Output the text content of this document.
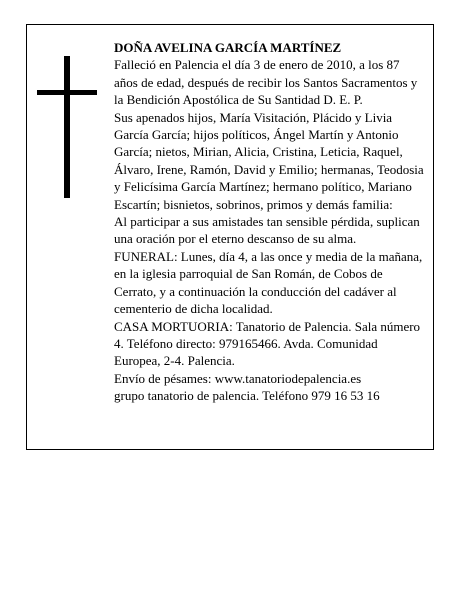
DOÑA AVELINA GARCÍA MARTÍNEZ

Falleció en Palencia el día 3 de enero de 2010, a los 87 años de edad, después de recibir los Santos Sacramentos y la Bendición Apostólica de Su Santidad D. E. P.

Sus apenados hijos, María Visitación, Plácido y Livia García García; hijos políticos, Ángel Martín y Antonio García; nietos, Mirian, Alicia, Cristina, Leticia, Raquel, Álvaro, Irene, Ramón, David y Emilio; hermanas, Teodosia y Felicísima García Martínez; hermano político, Mariano Escartín; bisnietos, sobrinos, primos y demás familia:

Al participar a sus amistades tan sensible pérdida, suplican una oración por el eterno descanso de su alma.

FUNERAL: Lunes, día 4, a las once y media de la mañana, en la iglesia parroquial de San Román, de Cobos de Cerrato, y a continuación la conducción del cadáver al cementerio de dicha localidad.

CASA MORTUORIA: Tanatorio de Palencia. Sala número 4. Teléfono directo: 979165466. Avda. Comunidad Europea, 2-4. Palencia.

Envío de pésames: www.tanatoriodepalencia.es

grupo tanatorio de palencia. Teléfono 979 16 53 16
